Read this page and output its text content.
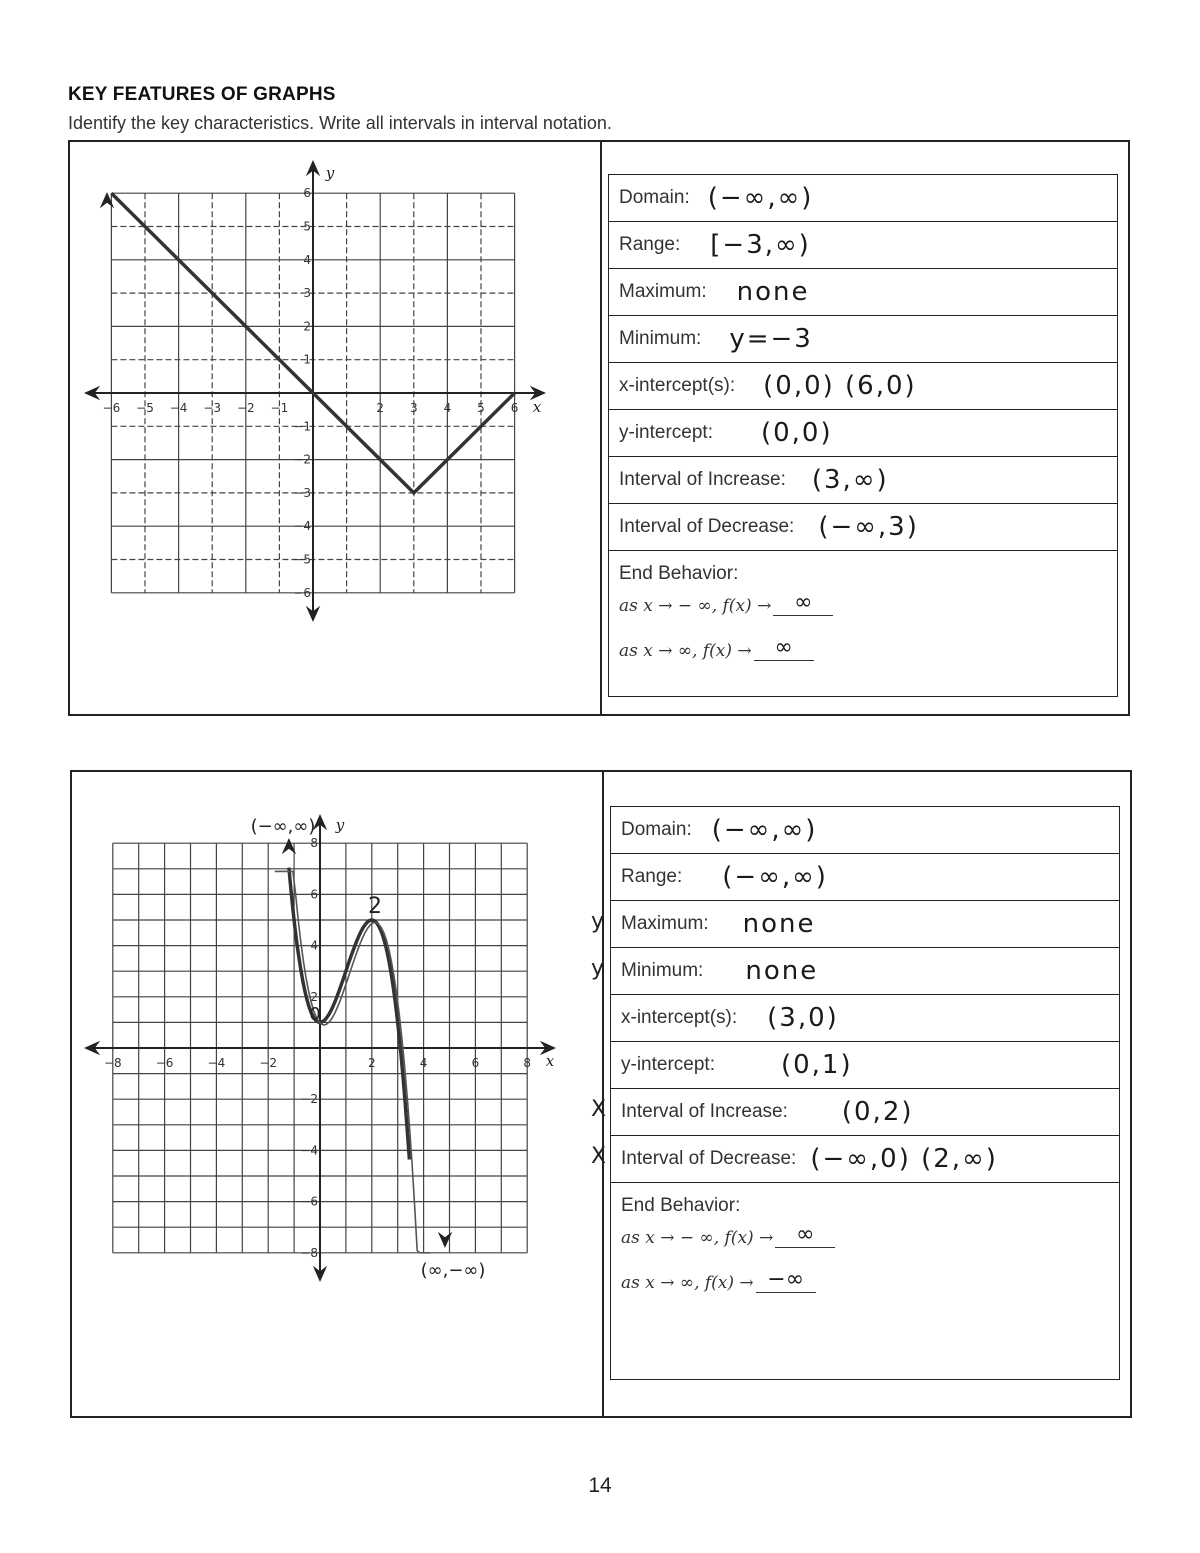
KEY FEATURES OF GRAPHS
Identify the key characteristics. Write all intervals in interval notation.
y
x
−6 −5 −4 −3 −2 −1	2 3 4 5 6
6
5
4
3
2
1
−1
−2
−3
−4
−5
−6
Domain: (−∞,∞)
Range: [−3,∞)
Maximum: none
Minimum: y=−3
x-intercept(s): (0,0) (6,0)
y-intercept: (0,0)
Interval of Increase: (3,∞)
Interval of Decrease: (−∞,3)
End Behavior:
as x → − ∞, f(x) →	∞
as x → ∞, f(x) →	∞
y
x
−8	−6	−4	−2	2	4	6	8
8
6
4
2
−2
−4
−6
−8
(−∞,∞)
(∞,−∞)
2
0
Domain: (−∞,∞)
Range: (−∞,∞)
Maximum: none
y
Minimum: none
y
x-intercept(s): (3,0)
y-intercept:	(0,1)
Interval of Increase: (0,2)
X
Interval of Decrease: (−∞,0) (2,∞)
X
End Behavior:
as x → − ∞, f(x) →	∞
as x → ∞, f(x) → −∞
14
